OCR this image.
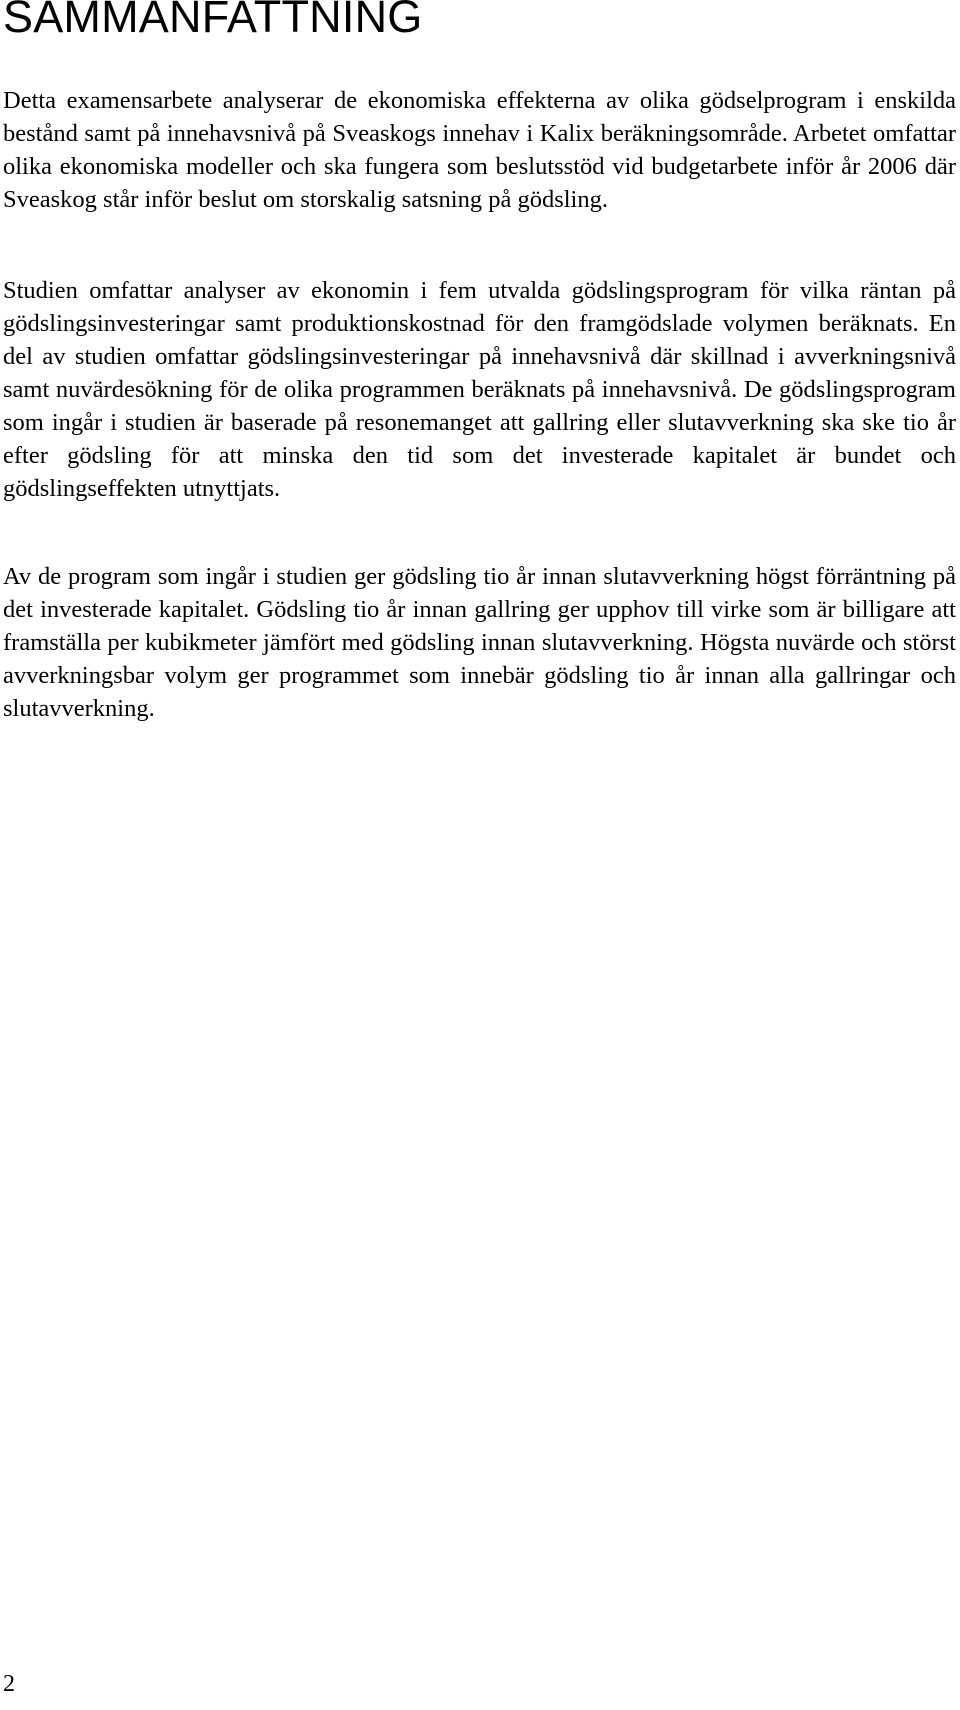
SAMMANFATTNING

Detta examensarbete analyserar de ekonomiska effekterna av olika gödselprogram i enskilda bestånd samt på innehavsnivå på Sveaskogs innehav i Kalix beräkningsområde. Arbetet omfattar olika ekonomiska modeller och ska fungera som beslutsstöd vid budgetarbete inför år 2006 där Sveaskog står inför beslut om storskalig satsning på gödsling.

Studien omfattar analyser av ekonomin i fem utvalda gödslingsprogram för vilka räntan på gödslingsinvesteringar samt produktionskostnad för den framgödslade volymen beräknats. En del av studien omfattar gödslingsinvesteringar på innehavsnivå där skillnad i avverkningsnivå samt nuvärdesökning för de olika programmen beräknats på innehavsnivå. De gödslingsprogram som ingår i studien är baserade på resonemanget att gallring eller slutavverkning ska ske tio år efter gödsling för att minska den tid som det investerade kapitalet är bundet och gödslingseffekten utnyttjats.

Av de program som ingår i studien ger gödsling tio år innan slutavverkning högst förräntning på det investerade kapitalet. Gödsling tio år innan gallring ger upphov till virke som är billigare att framställa per kubikmeter jämfört med gödsling innan slutavverkning. Högsta nuvärde och störst avverkningsbar volym ger programmet som innebär gödsling tio år innan alla gallringar och slutavverkning.

2
